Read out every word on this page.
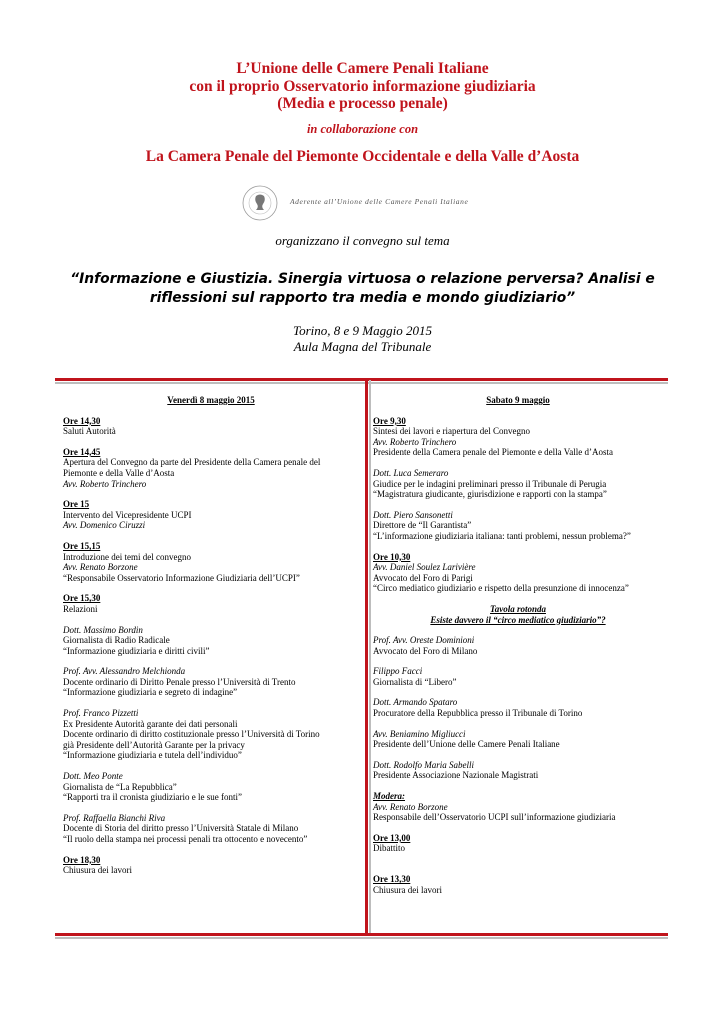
L’Unione delle Camere Penali Italiane
con il proprio Osservatorio informazione giudiziaria
(Media e processo penale)
in collaborazione con
La Camera Penale del Piemonte Occidentale e della Valle d’Aosta
Aderente all’Unione delle Camere Penali Italiane
organizzano il convegno sul tema
“Informazione e Giustizia. Sinergia virtuosa o relazione perversa? Analisi e riflessioni sul rapporto tra media e mondo giudiziario”
Torino, 8 e 9 Maggio 2015
Aula Magna del Tribunale
Venerdì 8 maggio 2015
Ore 14,30
Saluti Autorità
Ore 14,45
Apertura del Convegno da parte del Presidente della Camera penale del
Piemonte e della Valle d’Aosta
Avv. Roberto Trinchero
Ore 15
Intervento del Vicepresidente UCPI
Avv. Domenico Ciruzzi
Ore 15,15
Introduzione dei temi del convegno
Avv. Renato Borzone
“Responsabile Osservatorio Informazione Giudiziaria dell’UCPI”
Ore 15,30
Relazioni
Dott. Massimo Bordin
Giornalista di Radio Radicale
“Informazione giudiziaria e diritti civili”
Prof. Avv. Alessandro Melchionda
Docente ordinario di Diritto Penale presso l’Università di Trento
“Informazione giudiziaria e segreto di indagine”
Prof. Franco Pizzetti
Ex Presidente Autorità garante dei dati personali
Docente ordinario di diritto costituzionale presso l’Università di Torino
già Presidente dell’Autorità Garante per la privacy
“Informazione giudiziaria e tutela dell’individuo”
Dott. Meo Ponte
Giornalista de “La Repubblica”
“Rapporti tra il cronista giudiziario e le sue fonti”
Prof. Raffaella Bianchi Riva
Docente di Storia del diritto presso l’Università Statale di Milano
“Il ruolo della stampa nei processi penali tra ottocento e novecento”
Ore 18,30
Chiusura dei lavori
Sabato 9 maggio
Ore 9,30
Sintesi dei lavori e riapertura del Convegno
Avv. Roberto Trinchero
Presidente della Camera penale del Piemonte e della Valle d’Aosta
Dott. Luca Semeraro
Giudice per le indagini preliminari presso il Tribunale di Perugia
“Magistratura giudicante, giurisdizione e rapporti con la stampa”
Dott. Piero Sansonetti
Direttore de “Il Garantista”
“L’informazione giudiziaria italiana: tanti problemi, nessun problema?”
Ore 10,30
Avv. Daniel Soulez Larivière
Avvocato del Foro di Parigi
“Circo mediatico giudiziario e rispetto della presunzione di innocenza”
Tavola rotonda
Esiste davvero il “circo mediatico giudiziario”?
Prof. Avv. Oreste Dominioni
Avvocato del Foro di Milano
Filippo Facci
Giornalista di “Libero”
Dott. Armando Spataro
Procuratore della Repubblica presso il Tribunale di Torino
Avv. Beniamino Migliucci
Presidente dell’Unione delle Camere Penali Italiane
Dott. Rodolfo Maria Sabelli
Presidente Associazione Nazionale Magistrati
Modera:
Avv. Renato Borzone
Responsabile dell’Osservatorio UCPI sull’informazione giudiziaria
Ore 13,00
Dibattito
Ore 13,30
Chiusura dei lavori
